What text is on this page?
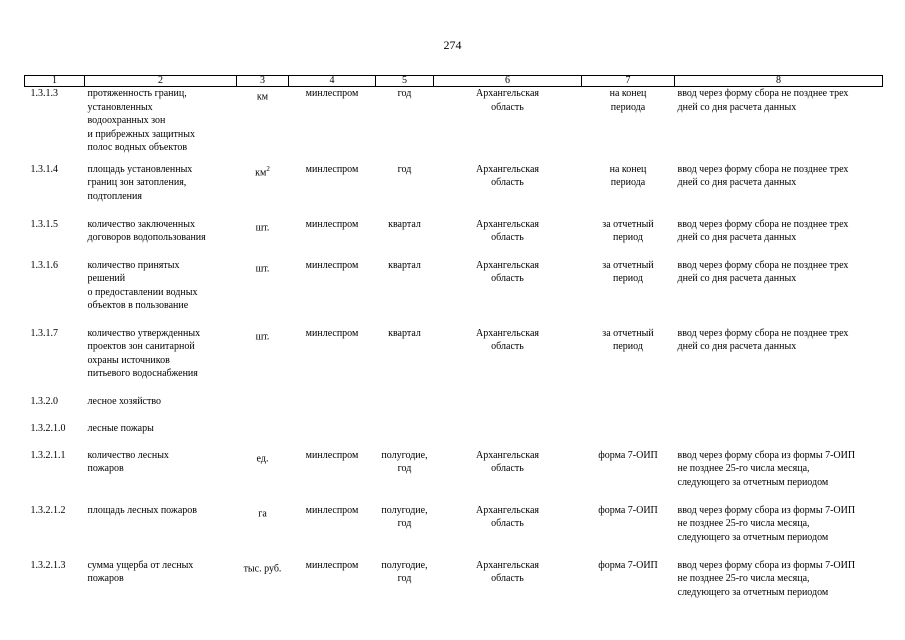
274
1	2	3	4	5	6	7	8

1.3.1.3	протяженность границ,
установленных
водоохранных зон
и прибрежных защитных
полос водных объектов	км	минлеспром	год	Архангельская
область	на конец
периода	ввод через форму сбора не позднее трех
дней со дня расчета данных

1.3.1.4	площадь установленных
границ зон затопления,
подтопления	$км^2$	минлеспром	год	Архангельская
область	на конец
периода	ввод через форму сбора не позднее трех
дней со дня расчета данных

1.3.1.5	количество заключенных
договоров водопользования	шт.	минлеспром	квартал	Архангельская
область	за отчетный
период	ввод через форму сбора не позднее трех
дней со дня расчета данных

1.3.1.6	количество принятых
решений
о предоставлении водных
объектов в пользование	шт.	минлеспром	квартал	Архангельская
область	за отчетный
период	ввод через форму сбора не позднее трех
дней со дня расчета данных

1.3.1.7	количество утвержденных
проектов зон санитарной
охраны источников
питьевого водоснабжения	шт.	минлеспром	квартал	Архангельская
область	за отчетный
период	ввод через форму сбора не позднее трех
дней со дня расчета данных

1.3.2.0	лесное хозяйство						

1.3.2.1.0	лесные пожары						

1.3.2.1.1	количество лесных
пожаров	ед.	минлеспром	полугодие,
год	Архангельская
область	форма 7-ОИП	ввод через форму сбора из формы 7-ОИП
не позднее 25-го числа месяца,
следующего за отчетным периодом

1.3.2.1.2	площадь лесных пожаров	га	минлеспром	полугодие,
год	Архангельская
область	форма 7-ОИП	ввод через форму сбора из формы 7-ОИП
не позднее 25-го числа месяца,
следующего за отчетным периодом

1.3.2.1.3	сумма ущерба от лесных
пожаров	тыс. руб.	минлеспром	полугодие,
год	Архангельская
область	форма 7-ОИП	ввод через форму сбора из формы 7-ОИП
не позднее 25-го числа месяца,
следующего за отчетным периодом
